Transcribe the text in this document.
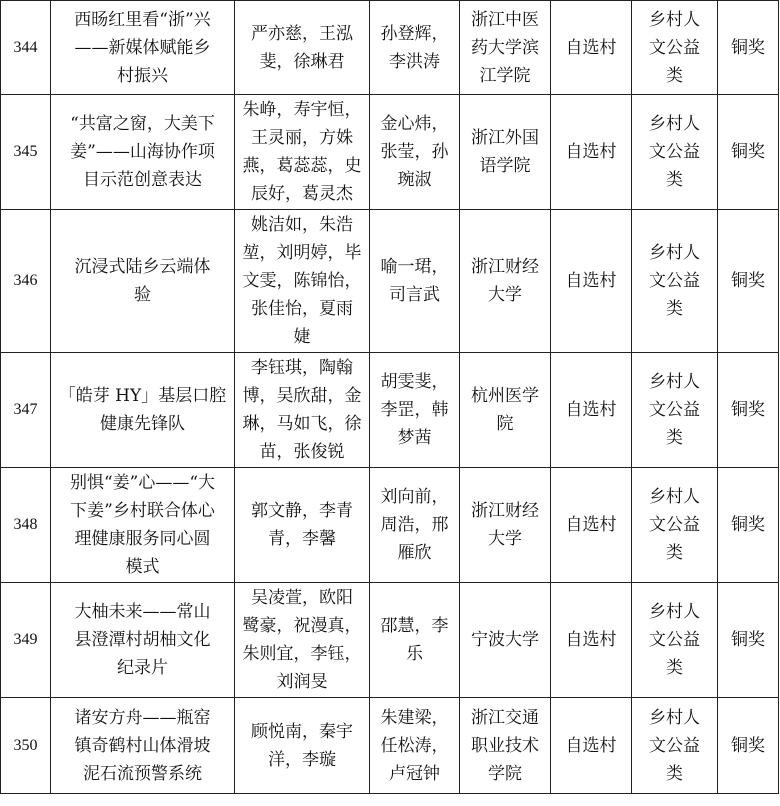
344	西旸红里看“浙”兴
——新媒体赋能乡
村振兴	严亦慈，王泓
斐，徐琳君	孙登辉，
李洪涛	浙江中医
药大学滨
江学院	自选村	乡村人
文公益
类	铜奖
345	“共富之窗，大美下
姜”——山海协作项
目示范创意表达	朱峥，寿宇恒，
王灵丽，方姝
燕，葛蕊蕊，史
辰好，葛灵杰	金心炜，
张莹，孙
琬淑	浙江外国
语学院	自选村	乡村人
文公益
类	铜奖
346	沉浸式陆乡云端体
验	姚洁如，朱浩
堃，刘明婷，毕
文雯，陈锦怡，
张佳怡，夏雨
婕	喻一珺，
司言武	浙江财经
大学	自选村	乡村人
文公益
类	铜奖
347	「皓芽 HY」基层口腔
健康先锋队	李钰琪，陶翰
博，吴欣甜，金
琳，马如飞，徐
苗，张俊锐	胡雯斐，
李罡，韩
梦茜	杭州医学
院	自选村	乡村人
文公益
类	铜奖
348	别惧“姜”心——“大
下姜”乡村联合体心
理健康服务同心圆
模式	郭文静，李青
青，李馨	刘向前，
周浩，邢
雁欣	浙江财经
大学	自选村	乡村人
文公益
类	铜奖
349	大柚未来——常山
县澄潭村胡柚文化
纪录片	吴凌萱，欧阳
鹭豪，祝漫真，
朱则宜，李钰，
刘润旻	邵慧，李
乐	宁波大学	自选村	乡村人
文公益
类	铜奖
350	诸安方舟——瓶窑
镇奇鹤村山体滑坡
泥石流预警系统	顾悦南，秦宇
洋，李璇	朱建梁，
任松涛，
卢冠钟	浙江交通
职业技术
学院	自选村	乡村人
文公益
类	铜奖
